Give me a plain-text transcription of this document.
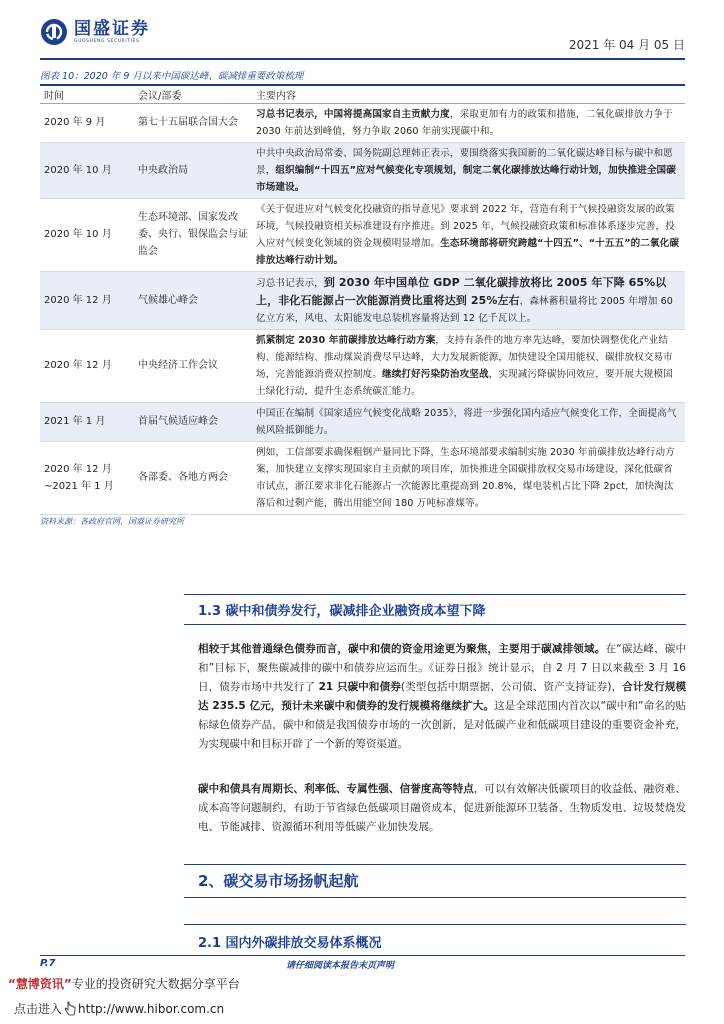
国盛证券
GUOSHENG SECURITIES	2021 年 04 月 05 日
图表 10：2020 年 9 月以来中国碳达峰、碳减排重要政策梳理
时间	会议/部委	主要内容
2020 年 9 月	第七十五届联合国大会	习总书记表示，中国将提高国家自主贡献力度，采取更加有力的政策和措施，二氧化碳排放力争于 2030 年前达到峰值，努力争取 2060 年前实现碳中和。
2020 年 10 月	中央政治局	中共中央政治局常委、国务院副总理韩正表示，要围绕落实我国新的二氧化碳达峰目标与碳中和愿景，组织编制“十四五”应对气候变化专项规划，制定二氧化碳排放达峰行动计划，加快推进全国碳市场建设。
2020 年 10 月	生态环境部、国家发改委、央行、银保监会与证监会	《关于促进应对气候变化投融资的指导意见》要求到 2022 年，营造有利于气候投融资发展的政策环境，气候投融资相关标准建设有序推进。到 2025 年，气候投融资政策和标准体系逐步完善，投入应对气候变化领域的资金规模明显增加。生态环境部将研究跨越“十四五”、“十五五”的二氧化碳排放达峰行动计划。
2020 年 12 月	气候雄心峰会	习总书记表示，到 2030 年中国单位 GDP 二氧化碳排放将比 2005 年下降 65%以上，非化石能源占一次能源消费比重将达到 25%左右，森林蓄积量将比 2005 年增加 60 亿立方米，风电、太阳能发电总装机容量将达到 12 亿千瓦以上。
2020 年 12 月	中央经济工作会议	抓紧制定 2030 年前碳排放达峰行动方案，支持有条件的地方率先达峰，要加快调整优化产业结构、能源结构、推动煤炭消费尽早达峰，大力发展新能源，加快建设全国用能权、碳排放权交易市场，完善能源消费双控制度。继续打好污染防治攻坚战，实现减污降碳协同效应，要开展大规模国土绿化行动，提升生态系统碳汇能力。
2021 年 1 月	首届气候适应峰会	中国正在编制《国家适应气候变化战略 2035》，将进一步强化国内适应气候变化工作，全面提高气候风险抵御能力。
2020 年 12 月~2021 年 1 月	各部委、各地方两会	例如，工信部要求确保粗钢产量同比下降，生态环境部要求编制实施 2030 年前碳排放达峰行动方案，加快建立支撑实现国家自主贡献的项目库，加快推进全国碳排放权交易市场建设，深化低碳省市试点，浙江要求非化石能源占一次能源比重提高到 20.8%，煤电装机占比下降 2pct，加快淘汰落后和过剩产能，腾出用能空间 180 万吨标准煤等。
资料来源：各政府官网，国盛证券研究所
1.3 碳中和债券发行，碳减排企业融资成本望下降
相较于其他普通绿色债券而言，碳中和债的资金用途更为聚焦，主要用于碳减排领域。在“碳达峰、碳中和”目标下，聚焦碳减排的碳中和债券应运而生。《证券日报》统计显示，自 2 月 7 日以来截至 3 月 16 日，债券市场中共发行了 21 只碳中和债券(类型包括中期票据、公司债、资产支持证券)，合计发行规模达 235.5 亿元，预计未来碳中和债券的发行规模将继续扩大。这是全球范围内首次以“碳中和”命名的贴标绿色债券产品，碳中和债是我国债券市场的一次创新，是对低碳产业和低碳项目建设的重要资金补充，为实现碳中和目标开辟了一个新的筹资渠道。
碳中和债具有周期长、利率低、专属性强、信誉度高等特点，可以有效解决低碳项目的收益低、融资难、成本高等问题制约，有助于节省绿色低碳项目融资成本，促进新能源环卫装备、生物质发电、垃圾焚烧发电、节能减排、资源循环利用等低碳产业加快发展。
2、碳交易市场扬帆起航
2.1 国内外碳排放交易体系概况
P.7	请仔细阅读本报告末页声明
“慧博资讯”专业的投资研究大数据分享平台
点击进入 http://www.hibor.com.cn
